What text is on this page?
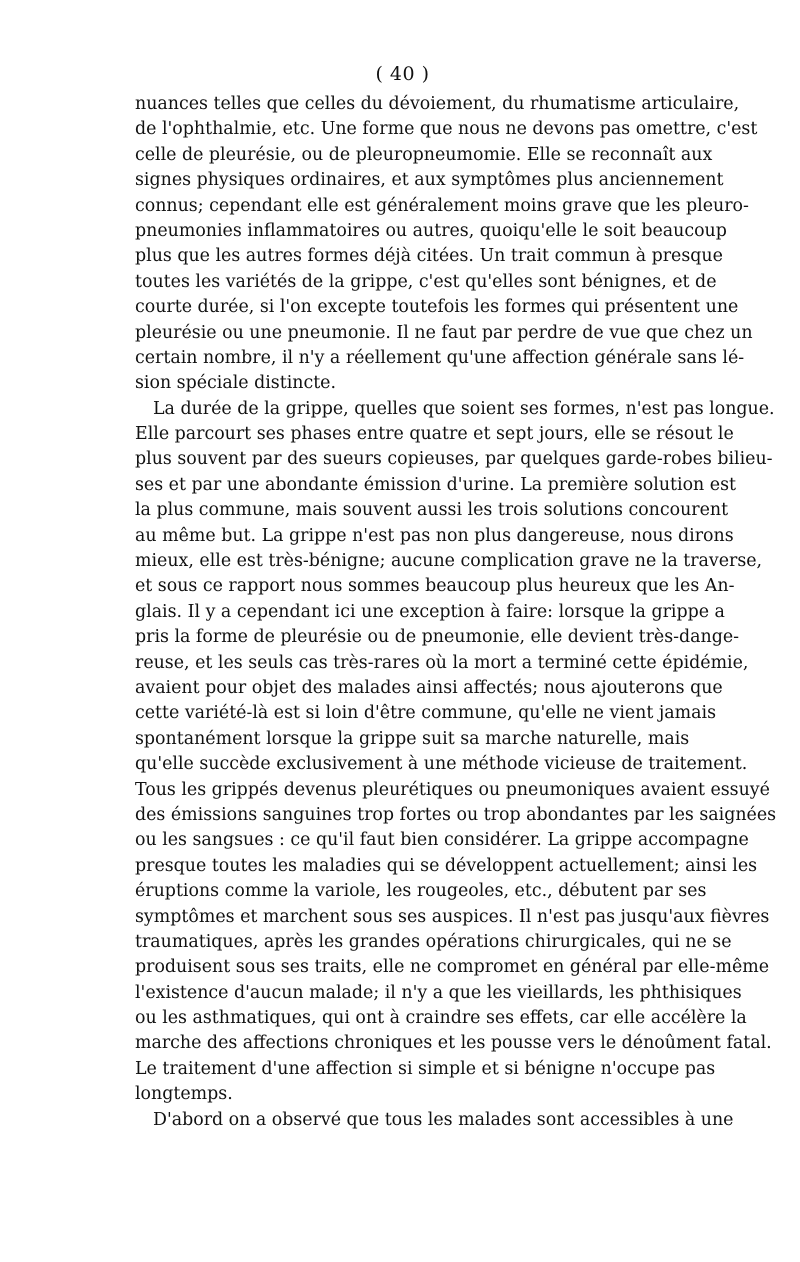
( 40 )
nuances telles que celles du dévoiement, du rhumatisme articulaire,
de l'ophthalmie, etc. Une forme que nous ne devons pas omettre, c'est
celle de pleurésie, ou de pleuropneumomie. Elle se reconnaît aux
signes physiques ordinaires, et aux symptômes plus anciennement
connus; cependant elle est généralement moins grave que les pleuro-
pneumonies inflammatoires ou autres, quoiqu'elle le soit beaucoup
plus que les autres formes déjà citées. Un trait commun à presque
toutes les variétés de la grippe, c'est qu'elles sont bénignes, et de
courte durée, si l'on excepte toutefois les formes qui présentent une
pleurésie ou une pneumonie. Il ne faut par perdre de vue que chez un
certain nombre, il n'y a réellement qu'une affection générale sans lé-
sion spéciale distincte.
La durée de la grippe, quelles que soient ses formes, n'est pas longue.
Elle parcourt ses phases entre quatre et sept jours, elle se résout le
plus souvent par des sueurs copieuses, par quelques garde-robes bilieu-
ses et par une abondante émission d'urine. La première solution est
la plus commune, mais souvent aussi les trois solutions concourent
au même but. La grippe n'est pas non plus dangereuse, nous dirons
mieux, elle est très-bénigne; aucune complication grave ne la traverse,
et sous ce rapport nous sommes beaucoup plus heureux que les An-
glais. Il y a cependant ici une exception à faire: lorsque la grippe a
pris la forme de pleurésie ou de pneumonie, elle devient très-dange-
reuse, et les seuls cas très-rares où la mort a terminé cette épidémie,
avaient pour objet des malades ainsi affectés; nous ajouterons que
cette variété-là est si loin d'être commune, qu'elle ne vient jamais
spontanément lorsque la grippe suit sa marche naturelle, mais
qu'elle succède exclusivement à une méthode vicieuse de traitement.
Tous les grippés devenus pleurétiques ou pneumoniques avaient essuyé
des émissions sanguines trop fortes ou trop abondantes par les saignées
ou les sangsues : ce qu'il faut bien considérer. La grippe accompagne
presque toutes les maladies qui se développent actuellement; ainsi les
éruptions comme la variole, les rougeoles, etc., débutent par ses
symptômes et marchent sous ses auspices. Il n'est pas jusqu'aux fièvres
traumatiques, après les grandes opérations chirurgicales, qui ne se
produisent sous ses traits, elle ne compromet en général par elle-même
l'existence d'aucun malade; il n'y a que les vieillards, les phthisiques
ou les asthmatiques, qui ont à craindre ses effets, car elle accélère la
marche des affections chroniques et les pousse vers le dénoûment fatal.
Le traitement d'une affection si simple et si bénigne n'occupe pas
longtemps.
D'abord on a observé que tous les malades sont accessibles à une
